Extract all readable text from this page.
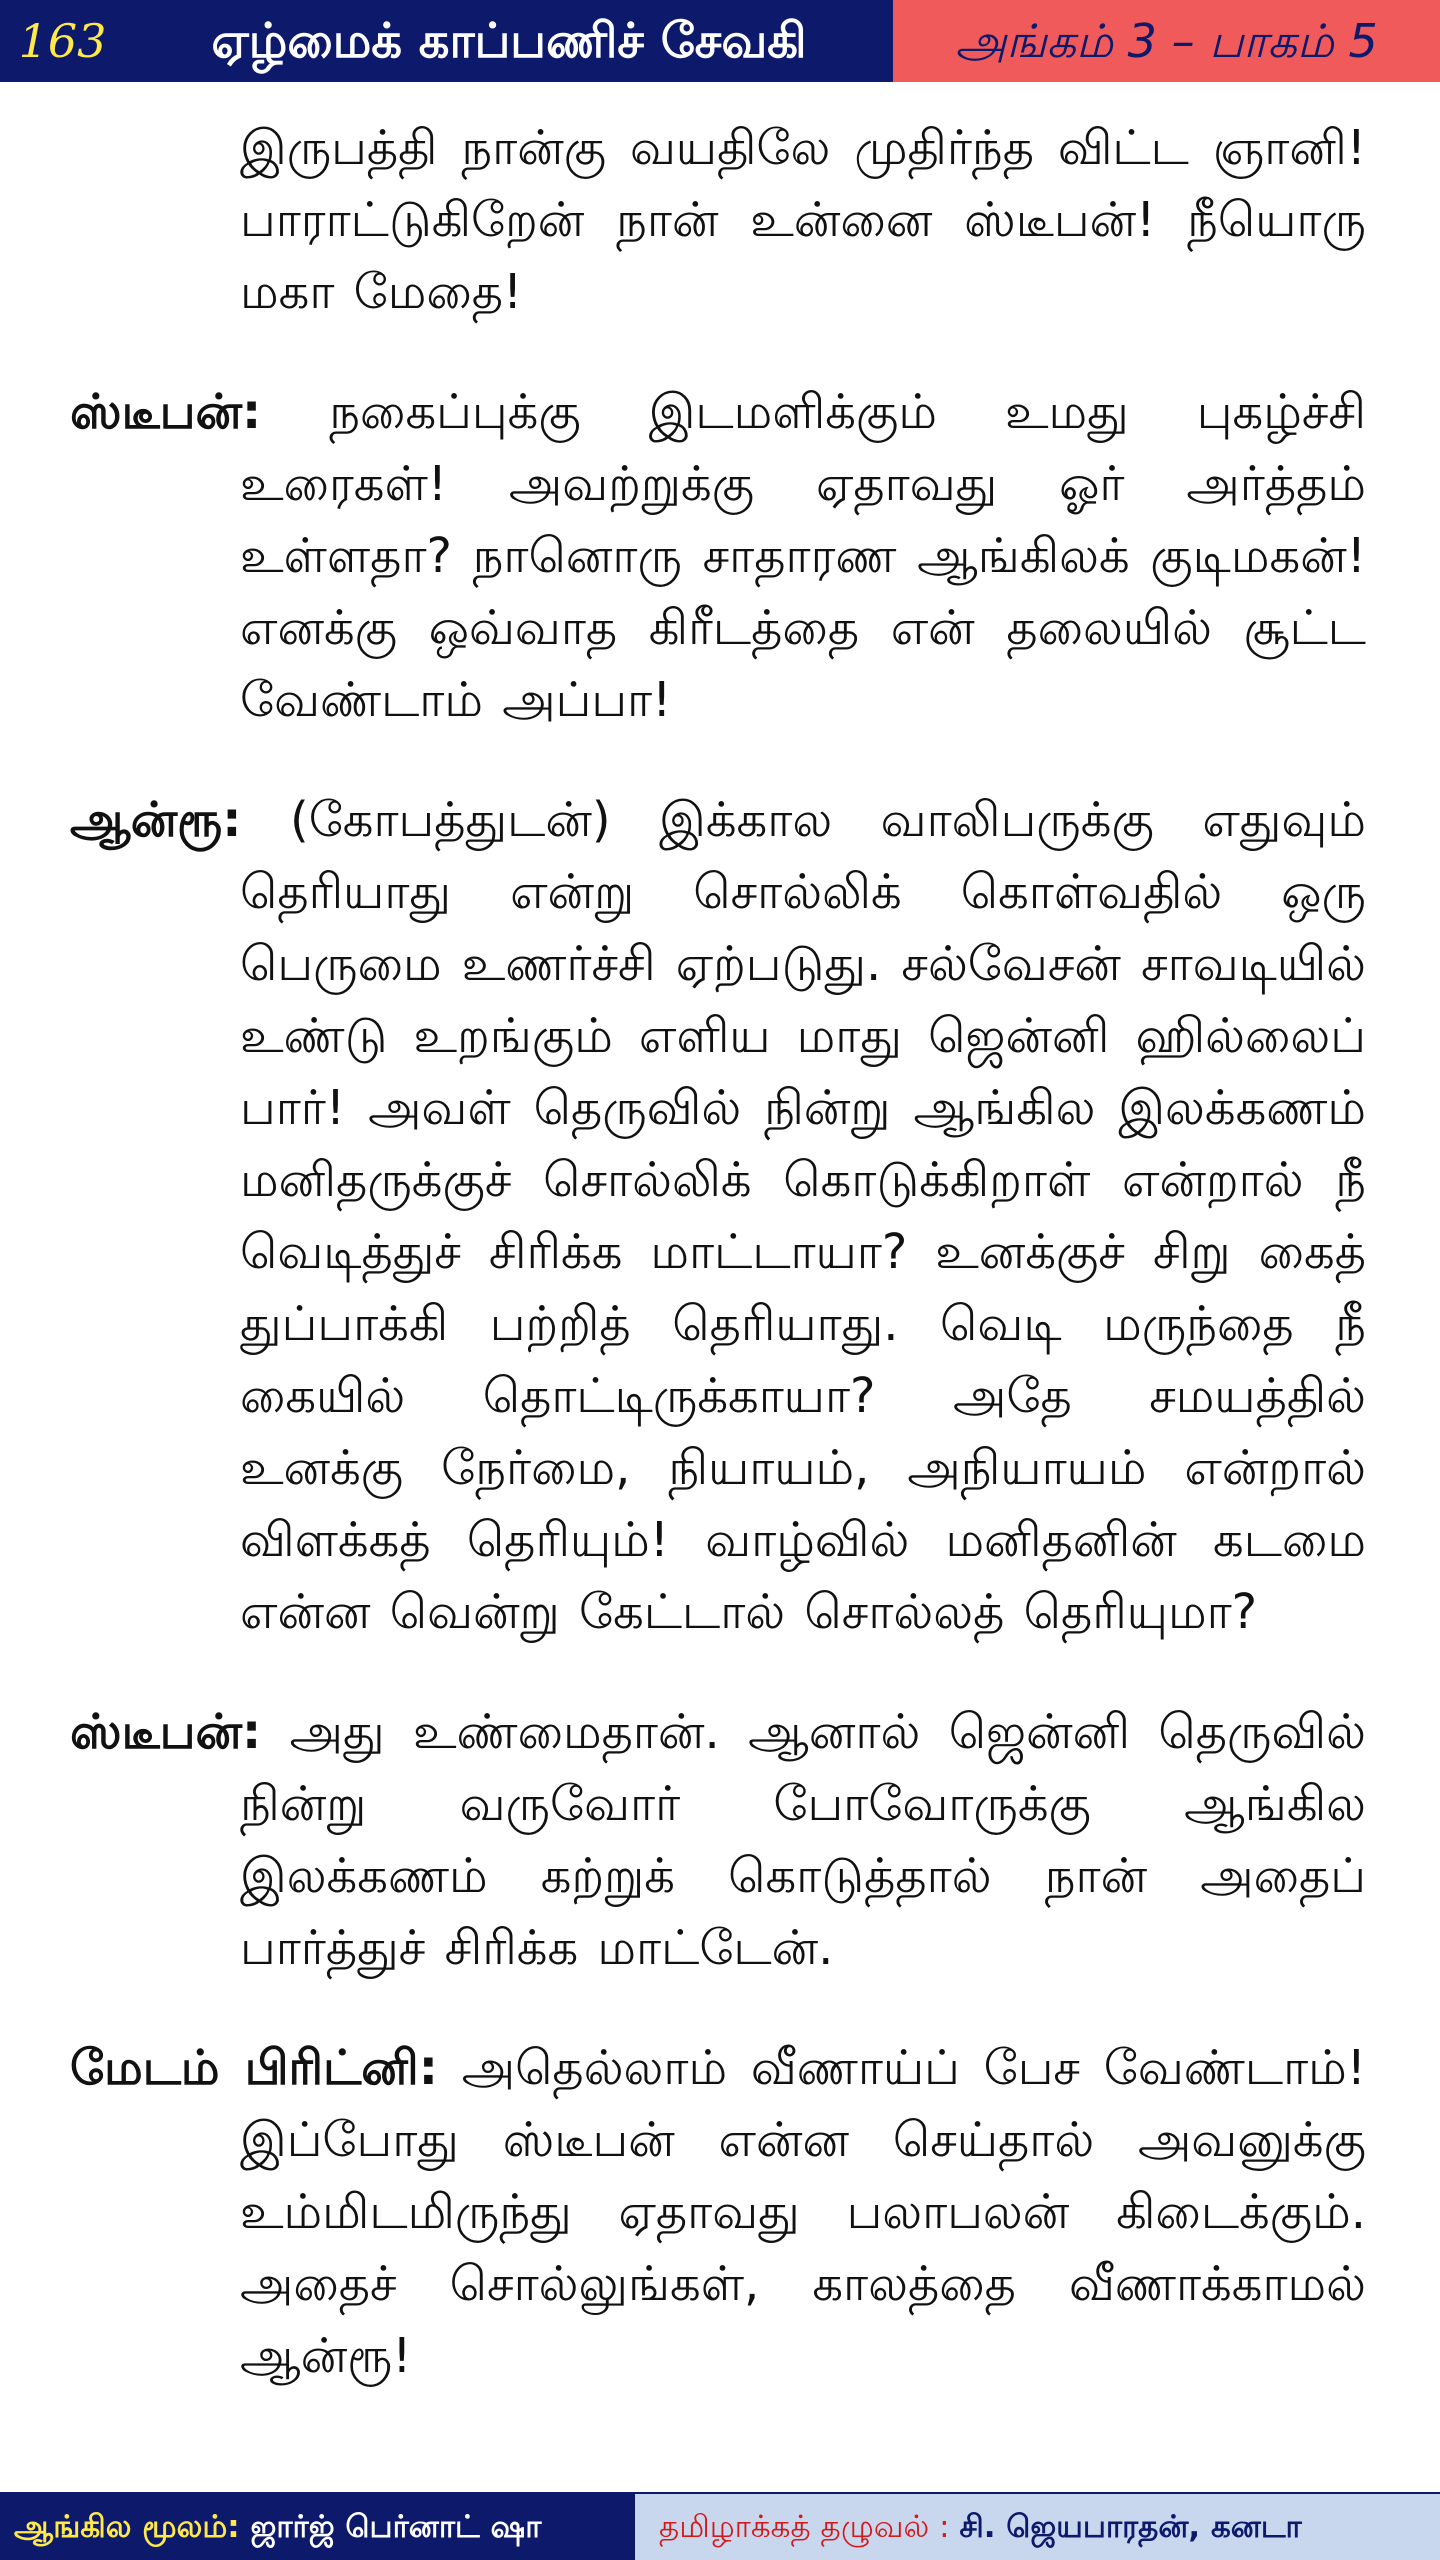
163	ஏழ்மைக் காப்பணிச் சேவகி	அங்கம் 3 – பாகம் 5

இருபத்தி நான்கு வயதிலே முதிர்ந்த விட்ட ஞானி! பாராட்டுகிறேன் நான் உன்னை ஸ்டீபன்! நீயொரு மகா மேதை!

ஸ்டீபன்: நகைப்புக்கு இடமளிக்கும் உமது புகழ்ச்சி உரைகள்! அவற்றுக்கு ஏதாவது ஓர் அர்த்தம் உள்ளதா? நானொரு சாதாரண ஆங்கிலக் குடிமகன்! எனக்கு ஒவ்வாத கிரீடத்தை என் தலையில் சூட்ட வேண்டாம் அப்பா!

ஆன்ரூ: (கோபத்துடன்) இக்கால வாலிபருக்கு எதுவும் தெரியாது என்று சொல்லிக் கொள்வதில் ஒரு பெருமை உணர்ச்சி ஏற்படுது. சல்வேசன் சாவடியில் உண்டு உறங்கும் எளிய மாது ஜென்னி ஹில்லைப் பார்! அவள் தெருவில் நின்று ஆங்கில இலக்கணம் மனிதருக்குச் சொல்லிக் கொடுக்கிறாள் என்றால் நீ வெடித்துச் சிரிக்க மாட்டாயா? உனக்குச் சிறு கைத் துப்பாக்கி பற்றித் தெரியாது. வெடி மருந்தை நீ கையில் தொட்டிருக்காயா? அதே சமயத்தில் உனக்கு நேர்மை, நியாயம், அநியாயம் என்றால் விளக்கத் தெரியும்! வாழ்வில் மனிதனின் கடமை என்ன வென்று கேட்டால் சொல்லத் தெரியுமா?

ஸ்டீபன்: அது உண்மைதான். ஆனால் ஜென்னி தெருவில் நின்று வருவோர் போவோருக்கு ஆங்கில இலக்கணம் கற்றுக் கொடுத்தால் நான் அதைப் பார்த்துச் சிரிக்க மாட்டேன்.

மேடம் பிரிட்னி: அதெல்லாம் வீணாய்ப் பேச வேண்டாம்! இப்போது ஸ்டீபன் என்ன செய்தால் அவனுக்கு உம்மிடமிருந்து ஏதாவது பலாபலன் கிடைக்கும். அதைச் சொல்லுங்கள், காலத்தை வீணாக்காமல் ஆன்ரூ!

ஆங்கில மூலம்: ஜார்ஜ் பெர்னாட் ஷா	தமிழாக்கத் தழுவல் : சி. ஜெயபாரதன், கனடா
